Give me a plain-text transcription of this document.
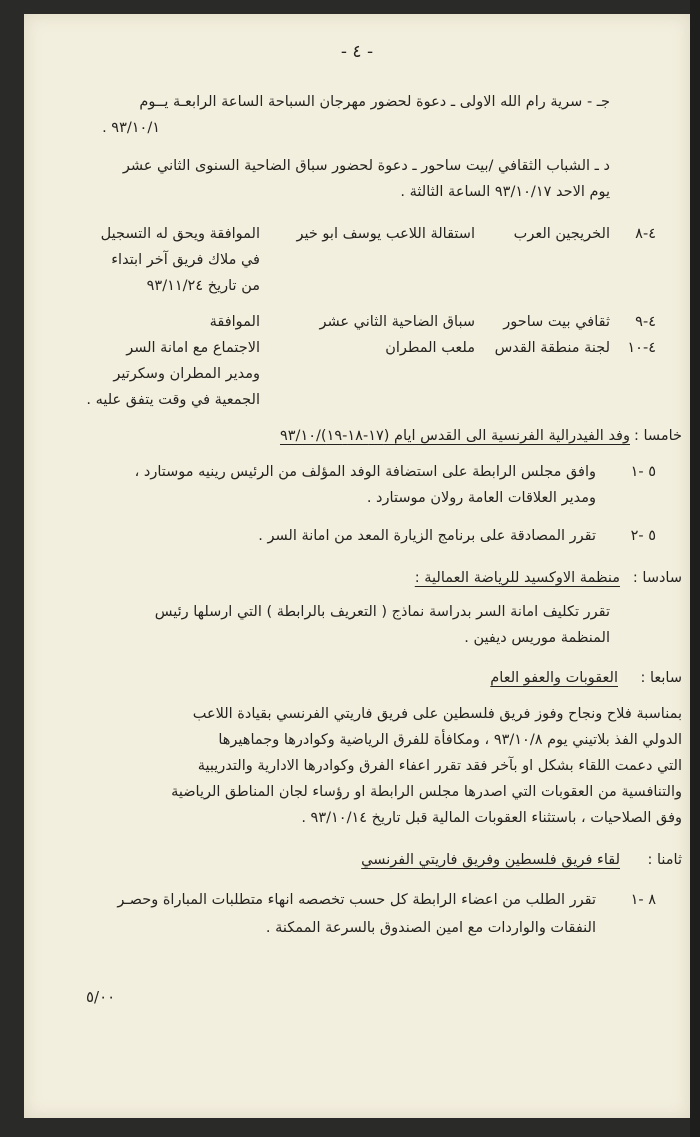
- ٤ -
جـ - سرية رام الله الاولى ـ دعوة لحضور مهرجان السباحة الساعة الرابعـة يــوم
٩٣/١٠/١ .
د ـ الشباب الثقافي /بيت ساحور ـ دعوة لحضور سباق الضاحية السنوى الثاني عشر
يوم الاحد ٩٣/١٠/١٧ الساعة الثالثة .
٤-٨
الخريجين العرب
استقالة اللاعب يوسف ابو خير
الموافقة ويحق له التسجيل
في ملاك فريق آخر ابتداء
من تاريخ ٩٣/١١/٢٤
٤-٩
ثقافي بيت ساحور
سباق الضاحية الثاني عشر
الموافقة
٤-١٠
لجنة منطقة القدس
ملعب المطران
الاجتماع مع امانة السر
ومدير المطران وسكرتير
الجمعية في وقت يتفق عليه .
خامسا :
وفد الفيدرالية الفرنسية الى القدس ايام (١٧-١٨-١٩)/٩٣/١٠
٥ -١
وافق مجلس الرابطة على استضافة الوفد المؤلف من الرئيس رينيه موستارد ،
ومدير العلاقات العامة رولان موستارد .
٥ -٢
تقرر المصادقة على برنامج الزيارة المعد من امانة السر .
سادسا :
منظمة الاوكسيد للرياضة العمالية :
تقرر تكليف امانة السر بدراسة نماذج ( التعريف بالرابطة ) التي ارسلها رئيس
المنظمة موريس ديفين .
سابعا :
العقوبات والعفو العام
بمناسبة فلاح ونجاح وفوز فريق فلسطين على فريق فاريتي الفرنسي بقيادة اللاعب
الدولي الفذ بلاتيني يوم ٩٣/١٠/٨ ، ومكافأة للفرق الرياضية وكوادرها وجماهيرها
التي دعمت اللقاء بشكل او بآخر فقد تقرر اعفاء الفرق وكوادرها الادارية والتدريبية
والتنافسية من العقوبات التي اصدرها مجلس الرابطة او رؤساء لجان المناطق الرياضية
وفق الصلاحيات ، باستثناء العقوبات المالية قبل تاريخ ٩٣/١٠/١٤ .
ثامنا :
لقاء فريق فلسطين وفريق فاريتي الفرنسي
٨ -١
تقرر الطلب من اعضاء الرابطة كل حسب تخصصه انهاء متطلبات المباراة وحصـر
النفقات والواردات مع امين الصندوق بالسرعة الممكنة .
٥/٠٠
